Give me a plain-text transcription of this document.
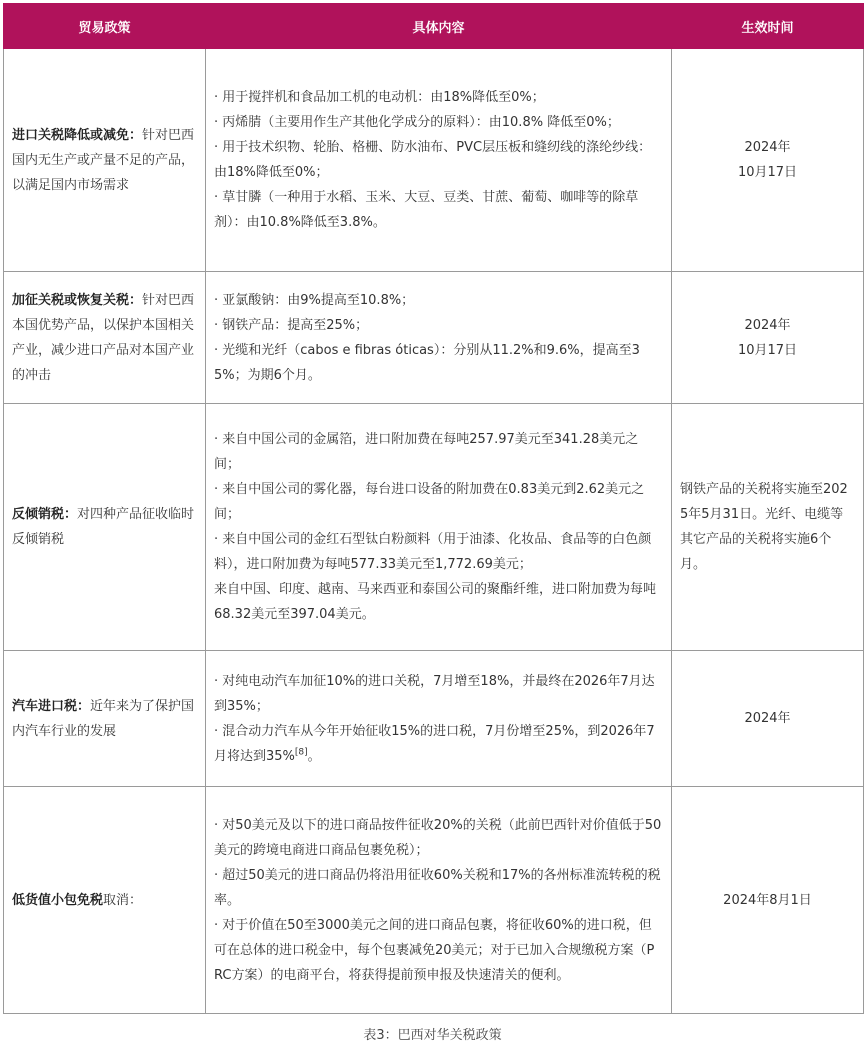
贸易政策	具体内容	生效时间
进口关税降低或减免：针对巴西国内无生产或产量不足的产品，以满足国内市场需求	· 用于搅拌机和食品加工机的电动机：由18%降低至0%；
· 丙烯腈（主要用作生产其他化学成分的原料）：由10.8% 降低至0%；
· 用于技术织物、轮胎、格栅、防水油布、PVC层压板和缝纫线的涤纶纱线：由18%降低至0%；
· 草甘膦（一种用于水稻、玉米、大豆、豆类、甘蔗、葡萄、咖啡等的除草剂）：由10.8%降低至3.8%。	2024年
10月17日

加征关税或恢复关税：针对巴西本国优势产品，以保护本国相关产业，减少进口产品对本国产业的冲击	· 亚氯酸钠：由9%提高至10.8%；
· 钢铁产品：提高至25%；
· 光缆和光纤（cabos e fibras óticas）：分别从11.2%和9.6%，提高至35%；为期6个月。	2024年
10月17日

反倾销税：对四种产品征收临时反倾销税	· 来自中国公司的金属箔，进口附加费在每吨257.97美元至341.28美元之间；
· 来自中国公司的雾化器，每台进口设备的附加费在0.83美元到2.62美元之间；
· 来自中国公司的金红石型钛白粉颜料（用于油漆、化妆品、食品等的白色颜料），进口附加费为每吨577.33美元至1,772.69美元；
来自中国、印度、越南、马来西亚和泰国公司的聚酯纤维，进口附加费为每吨68.32美元至397.04美元。	钢铁产品的关税将实施至2025年5月31日。光纤、电缆等其它产品的关税将实施6个月。
汽车进口税：近年来为了保护国内汽车行业的发展	· 对纯电动汽车加征10%的进口关税，7月增至18%，并最终在2026年7月达到35%；
· 混合动力汽车从今年开始征收15%的进口税，7月份增至25%，到2026年7月将达到35%[8]。	2024年
低货值小包免税取消：	· 对50美元及以下的进口商品按件征收20%的关税（此前巴西针对价值低于50美元的跨境电商进口商品包裹免税）；
· 超过50美元的进口商品仍将沿用征收60%关税和17%的各州标准流转税的税率。
· 对于价值在50至3000美元之间的进口商品包裹，将征收60%的进口税，但可在总体的进口税金中，每个包裹减免20美元；对于已加入合规缴税方案（PRC方案）的电商平台，将获得提前预申报及快速清关的便利。	2024年8月1日
表3：巴西对华关税政策
